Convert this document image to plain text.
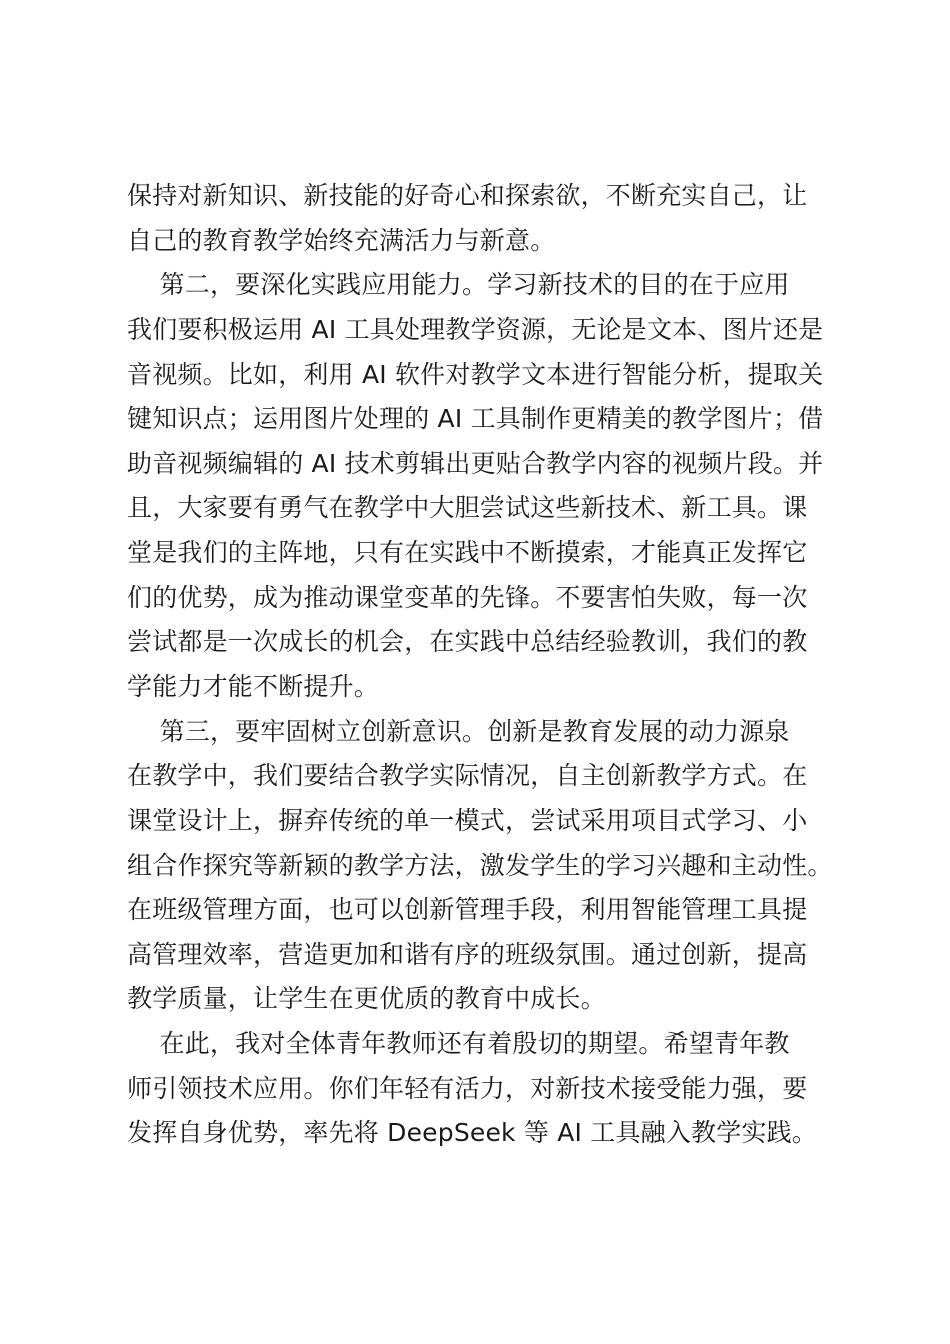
保持对新知识、新技能的好奇心和探索欲，不断充实自己，让
自己的教育教学始终充满活力与新意。
第二，要深化实践应用能力。学习新技术的目的在于应用
我们要积极运用 AI 工具处理教学资源，无论是文本、图片还是
音视频。比如，利用 AI 软件对教学文本进行智能分析，提取关
键知识点；运用图片处理的 AI 工具制作更精美的教学图片；借
助音视频编辑的 AI 技术剪辑出更贴合教学内容的视频片段。并
且，大家要有勇气在教学中大胆尝试这些新技术、新工具。课
堂是我们的主阵地，只有在实践中不断摸索，才能真正发挥它
们的优势，成为推动课堂变革的先锋。不要害怕失败，每一次
尝试都是一次成长的机会，在实践中总结经验教训，我们的教
学能力才能不断提升。
第三，要牢固树立创新意识。创新是教育发展的动力源泉
在教学中，我们要结合教学实际情况，自主创新教学方式。在
课堂设计上，摒弃传统的单一模式，尝试采用项目式学习、小
组合作探究等新颖的教学方法，激发学生的学习兴趣和主动性。
在班级管理方面，也可以创新管理手段，利用智能管理工具提
高管理效率，营造更加和谐有序的班级氛围。通过创新，提高
教学质量，让学生在更优质的教育中成长。
在此，我对全体青年教师还有着殷切的期望。希望青年教
师引领技术应用。你们年轻有活力，对新技术接受能力强，要
发挥自身优势，率先将 DeepSeek 等 AI 工具融入教学实践。
